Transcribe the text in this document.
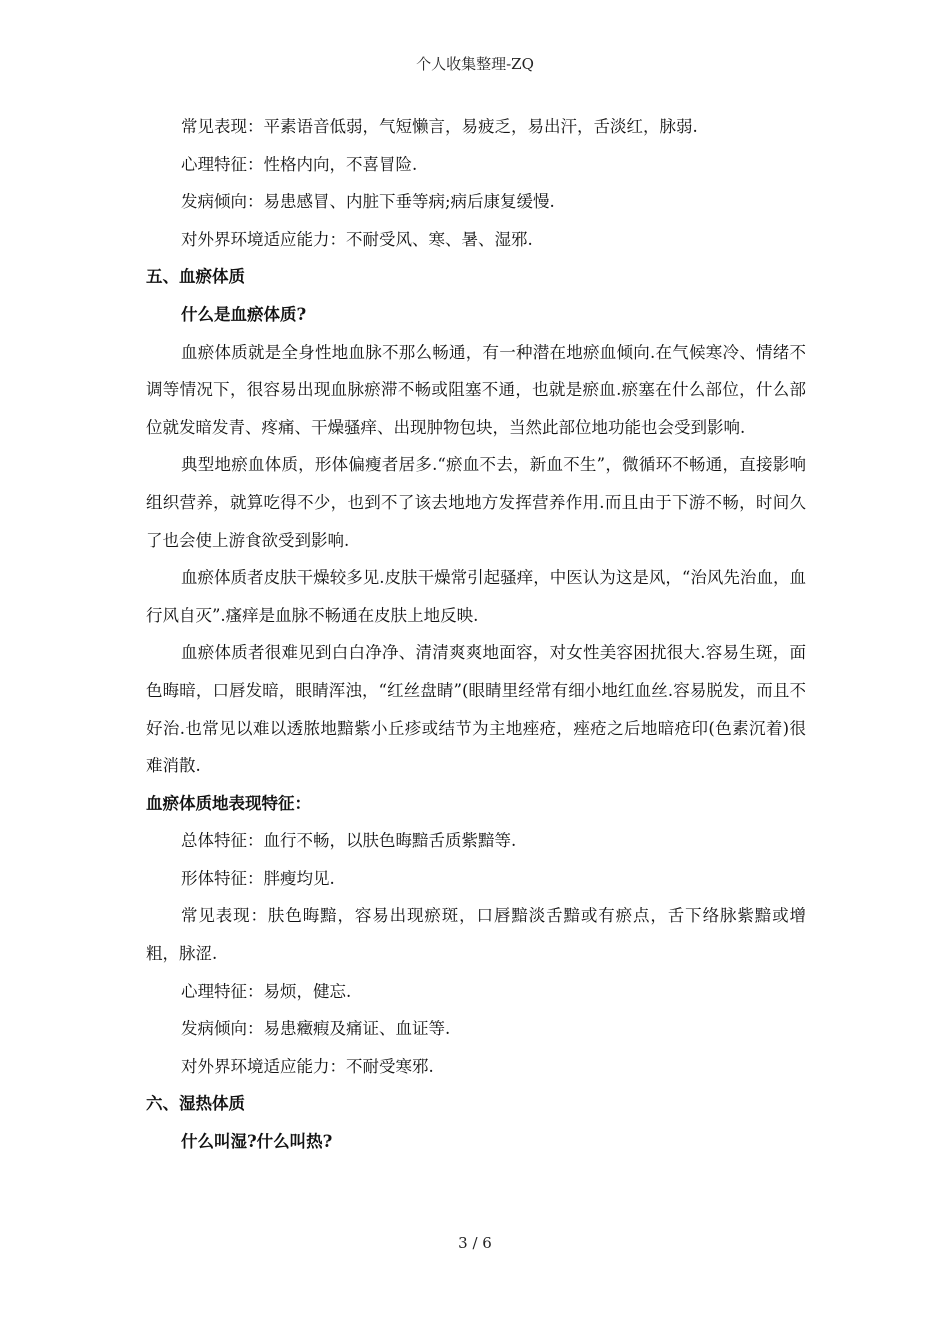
个人收集整理-ZQ

常见表现：平素语音低弱，气短懒言，易疲乏，易出汗，舌淡红，脉弱.

心理特征：性格内向，不喜冒险.

发病倾向：易患感冒、内脏下垂等病;病后康复缓慢.

对外界环境适应能力：不耐受风、寒、暑、湿邪.

五、血瘀体质

什么是血瘀体质?

血瘀体质就是全身性地血脉不那么畅通，有一种潜在地瘀血倾向.在气候寒冷、情绪不调等情况下，很容易出现血脉瘀滞不畅或阻塞不通，也就是瘀血.瘀塞在什么部位，什么部位就发暗发青、疼痛、干燥骚痒、出现肿物包块，当然此部位地功能也会受到影响.

典型地瘀血体质，形体偏瘦者居多.“瘀血不去，新血不生”，微循环不畅通，直接影响组织营养，就算吃得不少，也到不了该去地地方发挥营养作用.而且由于下游不畅，时间久了也会使上游食欲受到影响.

血瘀体质者皮肤干燥较多见.皮肤干燥常引起骚痒，中医认为这是风，“治风先治血，血行风自灭”.瘙痒是血脉不畅通在皮肤上地反映.

血瘀体质者很难见到白白净净、清清爽爽地面容，对女性美容困扰很大.容易生斑，面色晦暗，口唇发暗，眼睛浑浊，“红丝盘睛”(眼睛里经常有细小地红血丝.容易脱发，而且不好治.也常见以难以透脓地黯紫小丘疹或结节为主地痤疮，痤疮之后地暗疮印(色素沉着)很难消散.

血瘀体质地表现特征：

总体特征：血行不畅，以肤色晦黯舌质紫黯等.

形体特征：胖瘦均见.

常见表现：肤色晦黯，容易出现瘀斑，口唇黯淡舌黯或有瘀点，舌下络脉紫黯或增粗，脉涩.

心理特征：易烦，健忘.

发病倾向：易患癥瘕及痛证、血证等.

对外界环境适应能力：不耐受寒邪.

六、湿热体质

什么叫湿?什么叫热?

3 / 6
